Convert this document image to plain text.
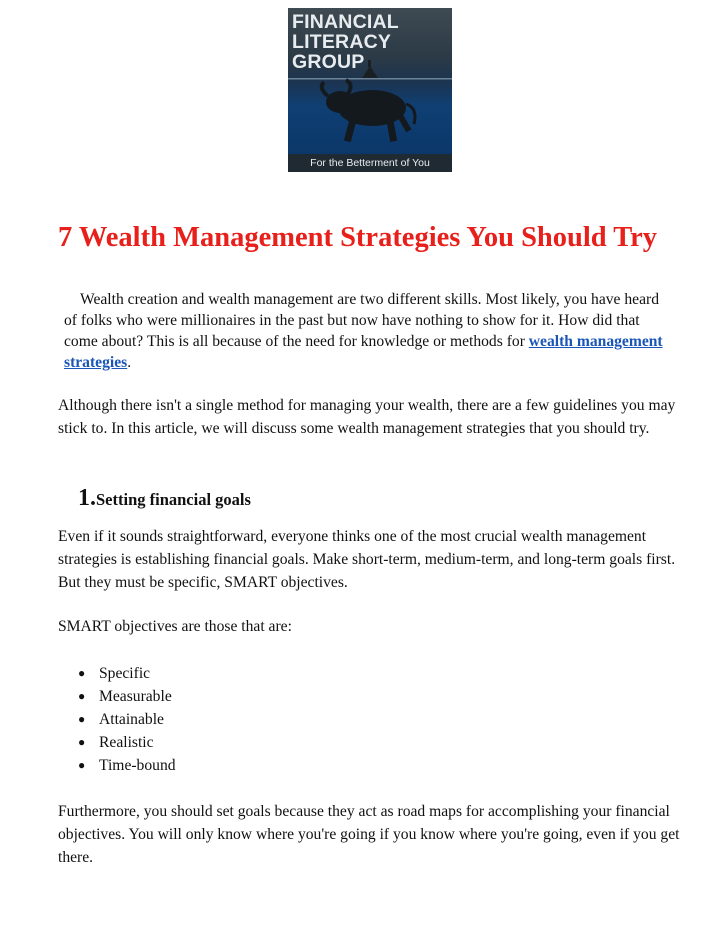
FINANCIAL
LITERACY
GROUP
For the Betterment of You
7 Wealth Management Strategies You Should Try

Wealth creation and wealth management are two different skills. Most likely, you have heard of folks who were millionaires in the past but now have nothing to show for it. How did that come about? This is all because of the need for knowledge or methods for wealth management strategies.

Although there isn't a single method for managing your wealth, there are a few guidelines you may stick to. In this article, we will discuss some wealth management strategies that you should try.

1.Setting financial goals

Even if it sounds straightforward, everyone thinks one of the most crucial wealth management strategies is establishing financial goals. Make short-term, medium-term, and long-term goals first. But they must be specific, SMART objectives.

SMART objectives are those that are:

● Specific
● Measurable
● Attainable
● Realistic
● Time-bound

Furthermore, you should set goals because they act as road maps for accomplishing your financial objectives. You will only know where you're going if you know where you're going, even if you get there.
